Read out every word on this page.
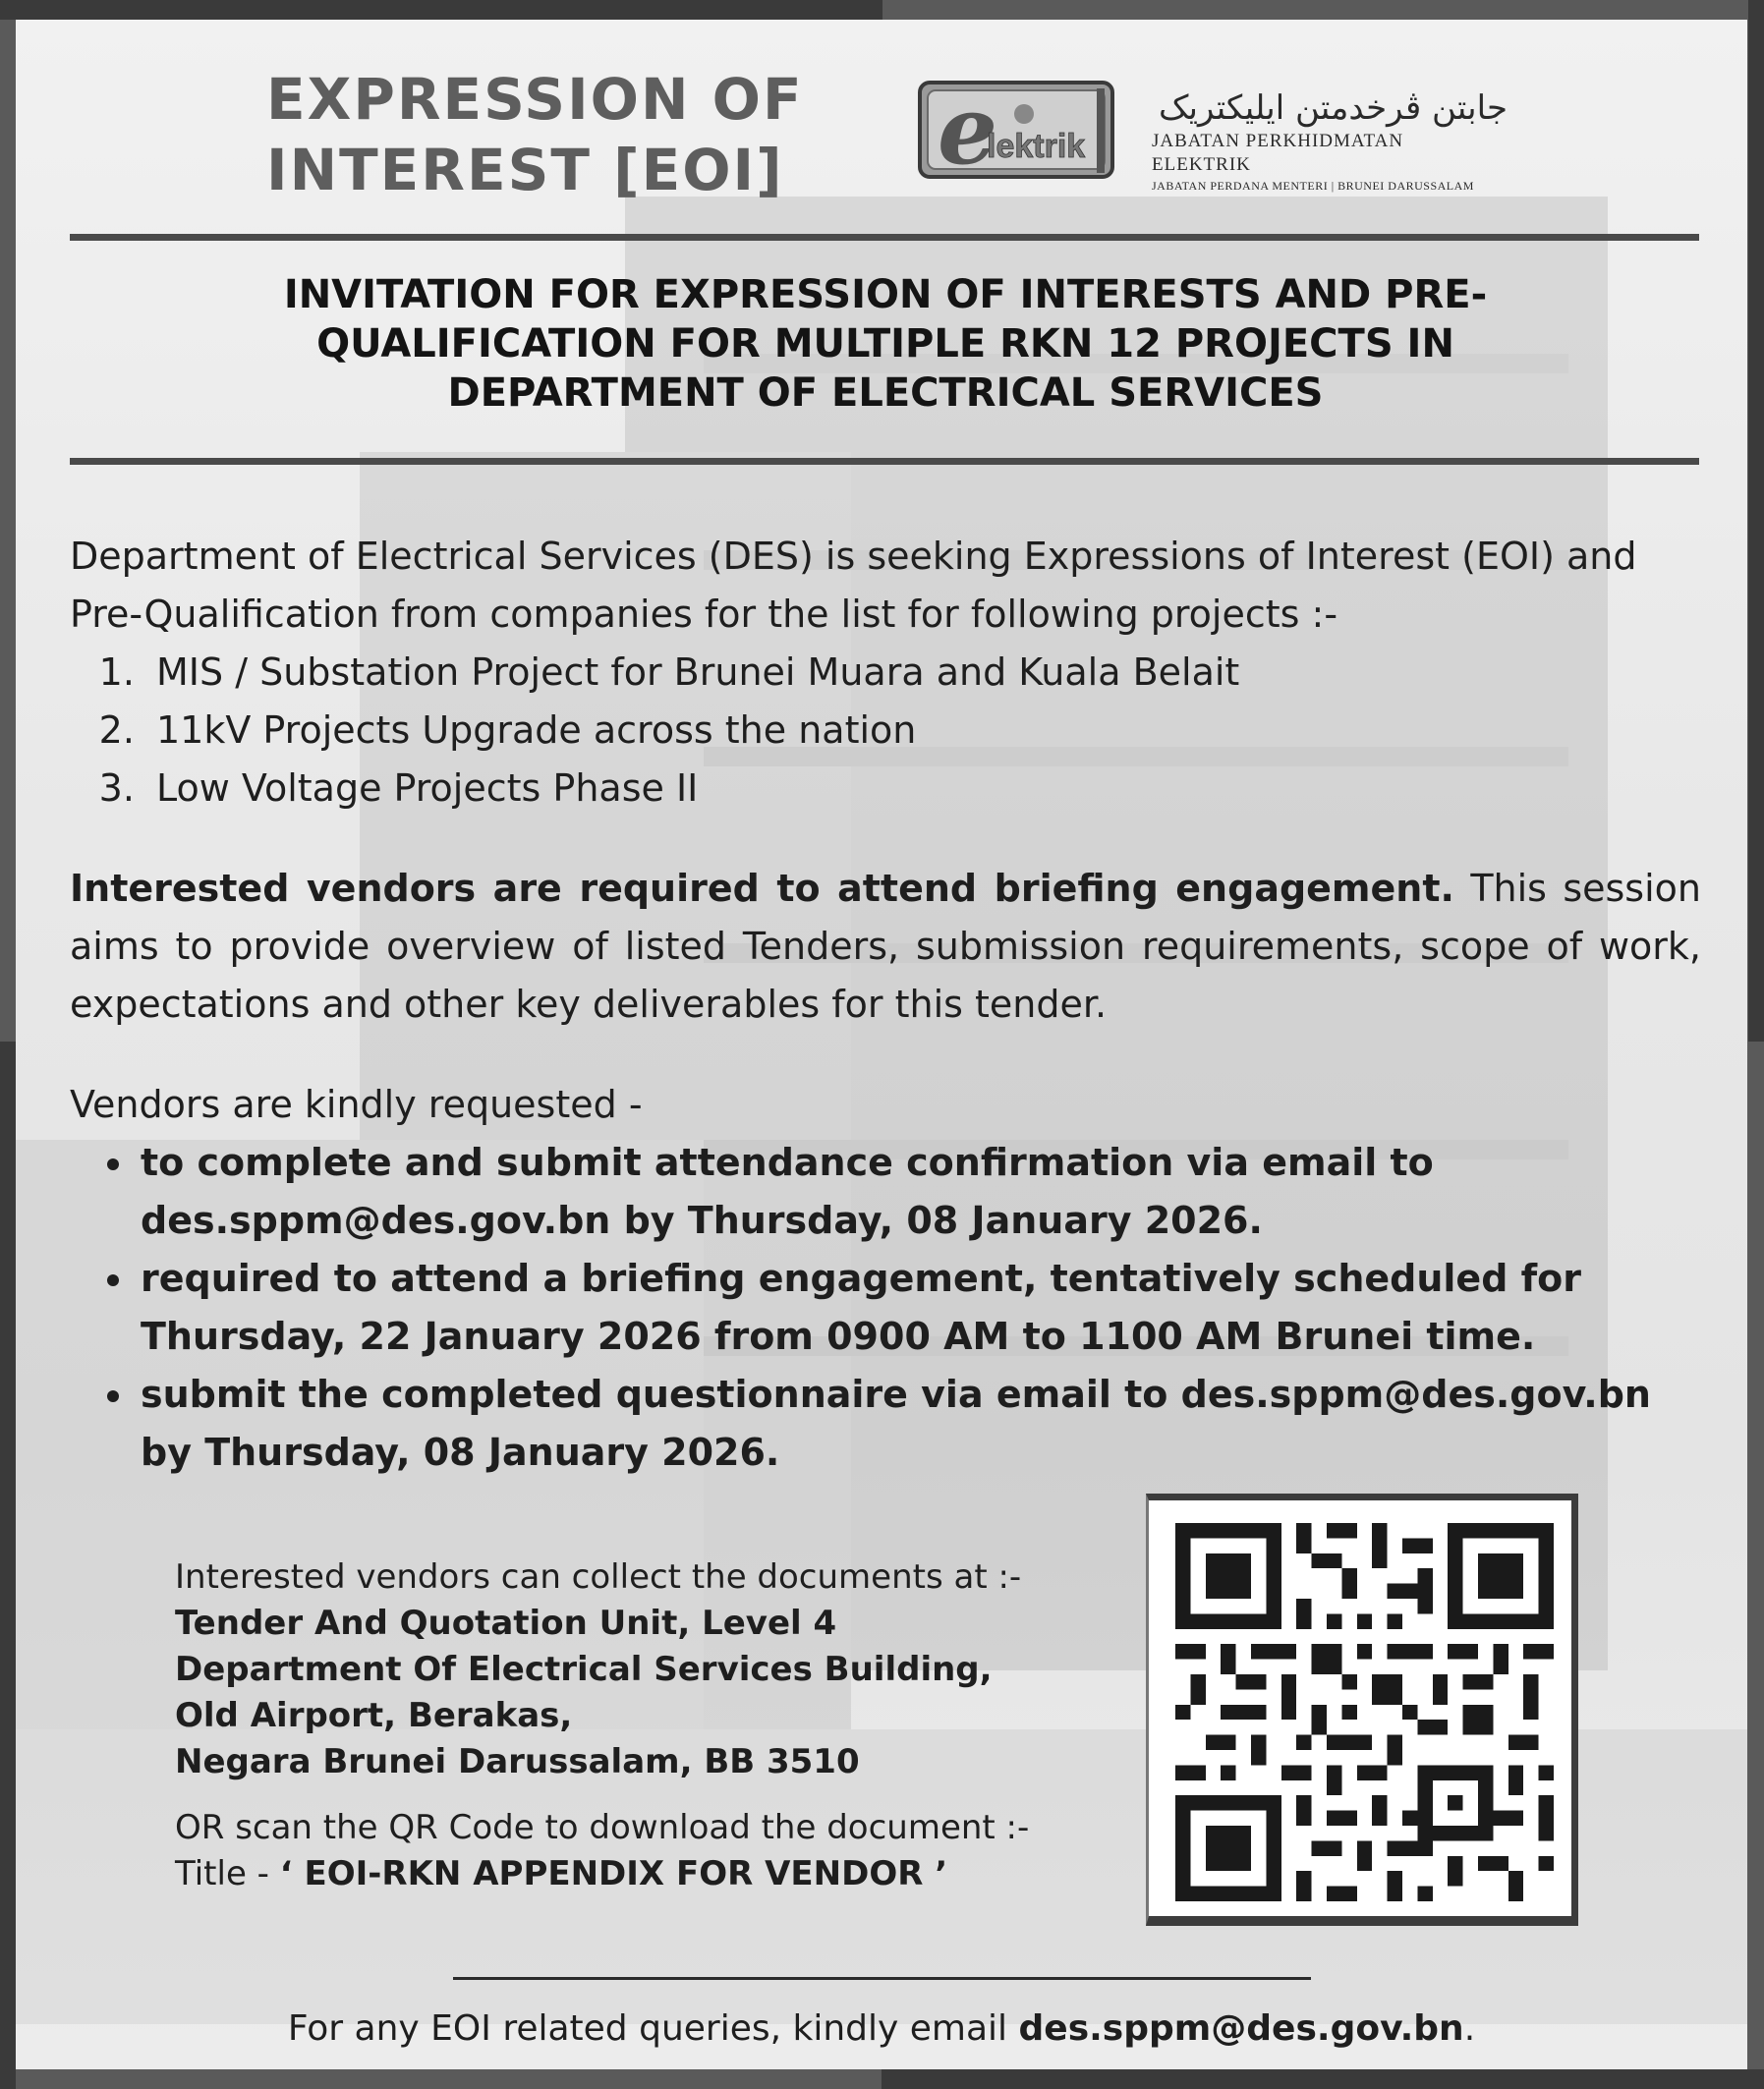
EXPRESSION OF
INTEREST [EOI] e
lektrik
جابتن ڤرخدمتن ايليكتريک
JABATAN PERKHIDMATAN ELEKTRIK
JABATAN PERDANA MENTERI | BRUNEI DARUSSALAM
INVITATION FOR EXPRESSION OF INTERESTS AND PRE-QUALIFICATION FOR MULTIPLE RKN 12 PROJECTS IN DEPARTMENT OF ELECTRICAL SERVICES
Department of Electrical Services (DES) is seeking Expressions of Interest (EOI) and Pre-Qualification from companies for the list for following projects :-
1. MIS / Substation Project for Brunei Muara and Kuala Belait
2. 11kV Projects Upgrade across the nation
3. Low Voltage Projects Phase II
Interested vendors are required to attend briefing engagement. This session aims to provide overview of listed Tenders, submission requirements, scope of work, expectations and other key deliverables for this tender.
Vendors are kindly requested -
• to complete and submit attendance confirmation via email to des.sppm@des.gov.bn by Thursday, 08 January 2026.
• required to attend a briefing engagement, tentatively scheduled for Thursday, 22 January 2026 from 0900 AM to 1100 AM Brunei time.
• submit the completed questionnaire via email to des.sppm@des.gov.bn by Thursday, 08 January 2026.
Interested vendors can collect the documents at :-
Tender And Quotation Unit, Level 4
Department Of Electrical Services Building,
Old Airport, Berakas,
Negara Brunei Darussalam, BB 3510
OR scan the QR Code to download the document :-
Title - ‘ EOI-RKN APPENDIX FOR VENDOR ’
For any EOI related queries, kindly email des.sppm@des.gov.bn.
